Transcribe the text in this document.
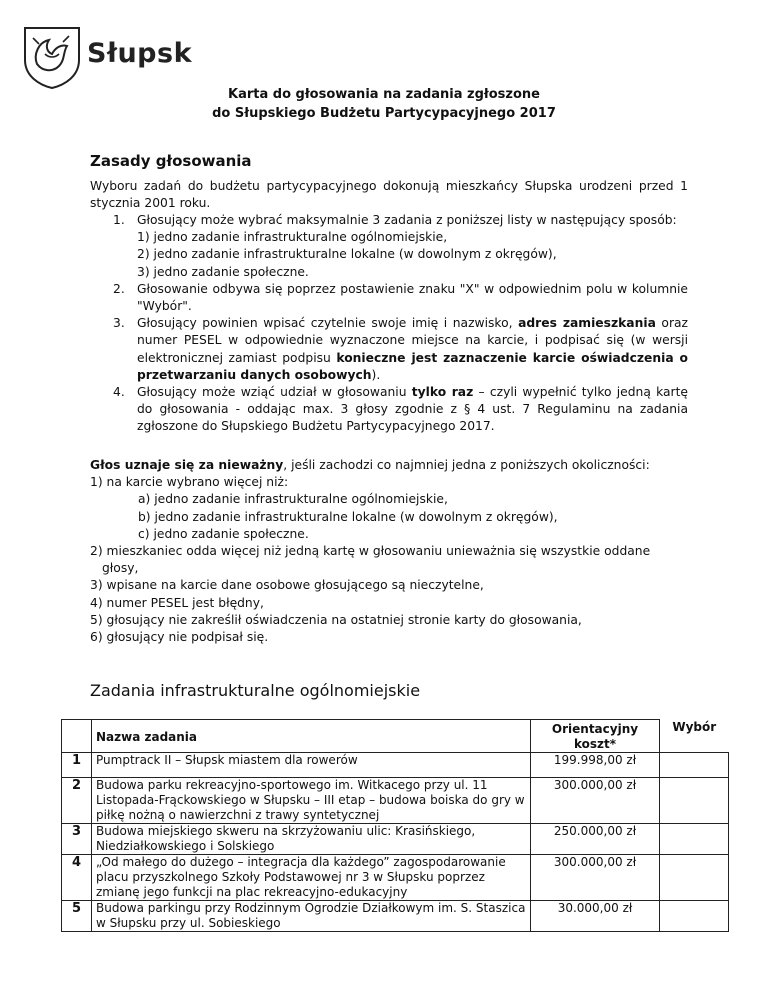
Słupsk
Karta do głosowania na zadania zgłoszone
do Słupskiego Budżetu Partycypacyjnego 2017
Zasady głosowania
Wyboru zadań do budżetu partycypacyjnego dokonują mieszkańcy Słupska urodzeni przed 1 stycznia 2001 roku.
1. Głosujący może wybrać maksymalnie 3 zadania z poniższej listy w następujący sposób:
1) jedno zadanie infrastrukturalne ogólnomiejskie,
2) jedno zadanie infrastrukturalne lokalne (w dowolnym z okręgów),
3) jedno zadanie społeczne.
2. Głosowanie odbywa się poprzez postawienie znaku "X" w odpowiednim polu w kolumnie "Wybór".
3. Głosujący powinien wpisać czytelnie swoje imię i nazwisko, adres zamieszkania oraz numer PESEL w odpowiednie wyznaczone miejsce na karcie, i podpisać się (w wersji elektronicznej zamiast podpisu konieczne jest zaznaczenie karcie oświadczenia o przetwarzaniu danych osobowych).
4. Głosujący może wziąć udział w głosowaniu tylko raz – czyli wypełnić tylko jedną kartę do głosowania - oddając max. 3 głosy zgodnie z § 4 ust. 7 Regulaminu na zadania zgłoszone do Słupskiego Budżetu Partycypacyjnego 2017.
Głos uznaje się za nieważny, jeśli zachodzi co najmniej jedna z poniższych okoliczności:
1) na karcie wybrano więcej niż:
a) jedno zadanie infrastrukturalne ogólnomiejskie,
b) jedno zadanie infrastrukturalne lokalne (w dowolnym z okręgów),
c) jedno zadanie społeczne.
2) mieszkaniec odda więcej niż jedną kartę w głosowaniu unieważnia się wszystkie oddane głosy,
3) wpisane na karcie dane osobowe głosującego są nieczytelne,
4) numer PESEL jest błędny,
5) głosujący nie zakreślił oświadczenia na ostatniej stronie karty do głosowania,
6) głosujący nie podpisał się.
Zadania infrastrukturalne ogólnomiejskie
	Nazwa zadania	Orientacyjny koszt*	Wybór
1	Pumptrack II – Słupsk miastem dla rowerów	199.998,00 zł	
2	Budowa parku rekreacyjno-sportowego im. Witkacego przy ul. 11 Listopada-Frąckowskiego w Słupsku – III etap – budowa boiska do gry w piłkę nożną o nawierzchni z trawy syntetycznej	300.000,00 zł	
3	Budowa miejskiego skweru na skrzyżowaniu ulic: Krasińskiego, Niedziałkowskiego i Solskiego	250.000,00 zł	
4	„Od małego do dużego – integracja dla każdego” zagospodarowanie placu przyszkolnego Szkoły Podstawowej nr 3 w Słupsku poprzez zmianę jego funkcji na plac rekreacyjno-edukacyjny	300.000,00 zł	
5	Budowa parkingu przy Rodzinnym Ogrodzie Działkowym im. S. Staszica w Słupsku przy ul. Sobieskiego	30.000,00 zł	
